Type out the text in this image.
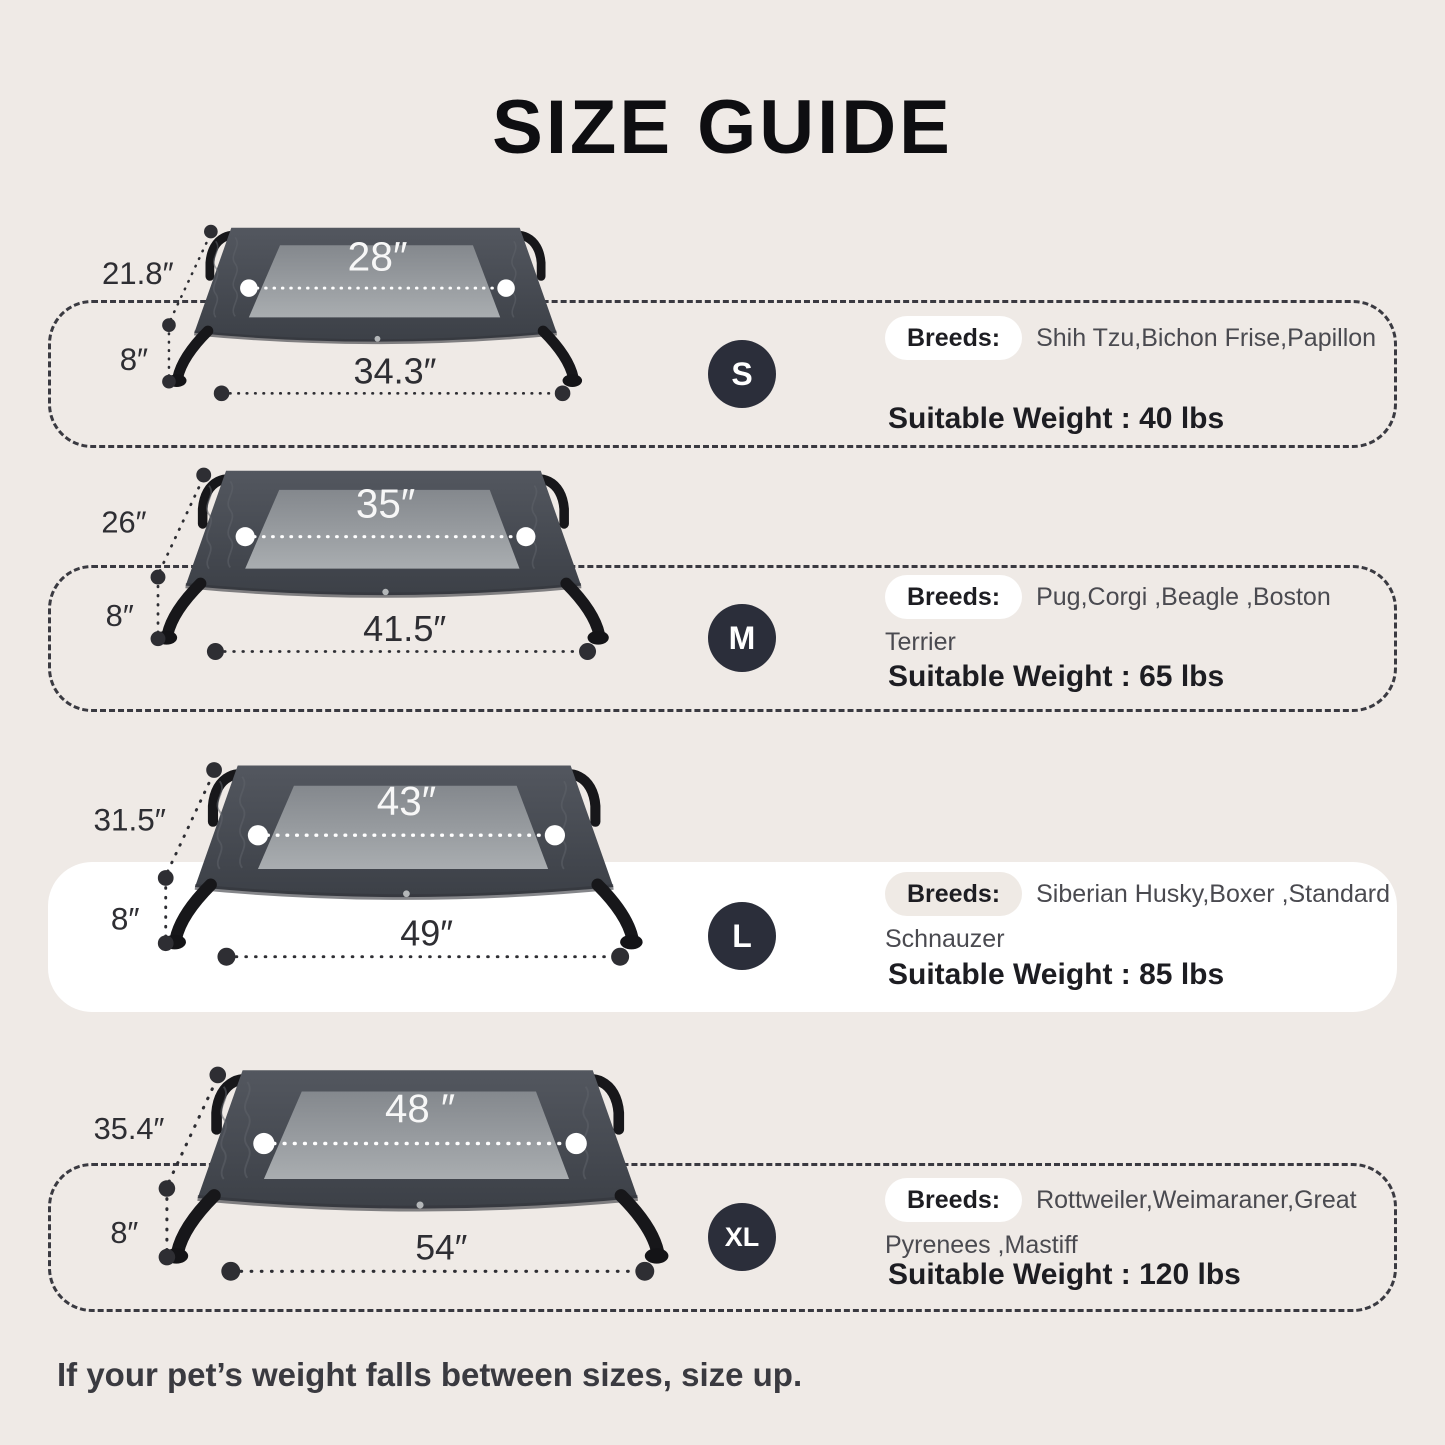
SIZE GUIDE
28″
21.8″
8″	34.3″	S

Breeds: Shih Tzu,Bichon Frise,Papillon

Suitable Weight : 40 lbs

35″
26″
8″	41.5″	M

Breeds: Pug,Corgi ,Beagle ,Boston Terrier

Suitable Weight : 65 lbs

43″
31.5″
8″	49″	L

Breeds: Siberian Husky,Boxer ,Standard Schnauzer

Suitable Weight : 85 lbs

48 ″
35.4″
8″	54″	XL

Breeds: Rottweiler,Weimaraner,Great Pyrenees ,Mastiff

Suitable Weight : 120 lbs

If your pet’s weight falls between sizes, size up.
